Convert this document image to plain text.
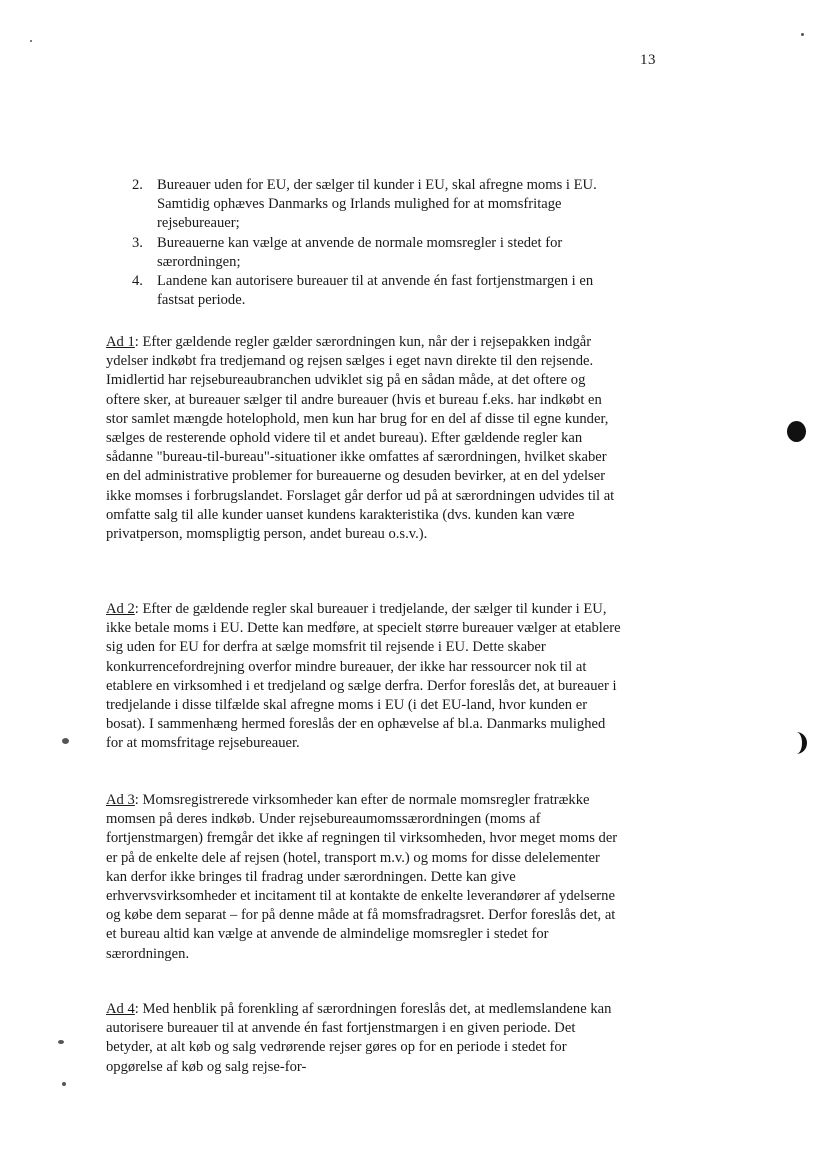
13
2. Bureauer uden for EU, der sælger til kunder i EU, skal afregne moms i EU. Samtidig ophæves Danmarks og Irlands mulighed for at momsfritage rejsebureauer;
3. Bureauerne kan vælge at anvende de normale momsregler i stedet for særordningen;
4. Landene kan autorisere bureauer til at anvende én fast fortjenstmargen i en fastsat periode.

Ad 1: Efter gældende regler gælder særordningen kun, når der i rejsepakken indgår ydelser indkøbt fra tredjemand og rejsen sælges i eget navn direkte til den rejsende. Imidlertid har rejsebureaubranchen udviklet sig på en sådan måde, at det oftere og oftere sker, at bureauer sælger til andre bureauer (hvis et bureau f.eks. har indkøbt en stor samlet mængde hotelophold, men kun har brug for en del af disse til egne kunder, sælges de resterende ophold videre til et andet bureau). Efter gældende regler kan sådanne "bureau-til-bureau"-situationer ikke omfattes af særordningen, hvilket skaber en del administrative problemer for bureauerne og desuden bevirker, at en del ydelser ikke momses i forbrugslandet. Forslaget går derfor ud på at særordningen udvides til at omfatte salg til alle kunder uanset kundens karakteristika (dvs. kunden kan være privatperson, momspligtig person, andet bureau o.s.v.).

Ad 2: Efter de gældende regler skal bureauer i tredjelande, der sælger til kunder i EU, ikke betale moms i EU. Dette kan medføre, at specielt større bureauer vælger at etablere sig uden for EU for derfra at sælge momsfrit til rejsende i EU. Dette skaber konkurrencefordrejning overfor mindre bureauer, der ikke har ressourcer nok til at etablere en virksomhed i et tredjeland og sælge derfra. Derfor foreslås det, at bureauer i tredjelande i disse tilfælde skal afregne moms i EU (i det EU-land, hvor kunden er bosat). I sammenhæng hermed foreslås der en ophævelse af bl.a. Danmarks mulighed for at momsfritage rejsebureauer.

Ad 3: Momsregistrerede virksomheder kan efter de normale momsregler fratrække momsen på deres indkøb. Under rejsebureaumomssærordningen (moms af fortjenstmargen) fremgår det ikke af regningen til virksomheden, hvor meget moms der er på de enkelte dele af rejsen (hotel, transport m.v.) og moms for disse delelementer kan derfor ikke bringes til fradrag under særordningen. Dette kan give erhvervsvirksomheder et incitament til at kontakte de enkelte leverandører af ydelserne og købe dem separat – for på denne måde at få momsfradragsret. Derfor foreslås det, at et bureau altid kan vælge at anvende de almindelige momsregler i stedet for særordningen.

Ad 4: Med henblik på forenkling af særordningen foreslås det, at medlemslandene kan autorisere bureauer til at anvende én fast fortjenstmargen i en given periode. Det betyder, at alt køb og salg vedrørende rejser gøres op for en periode i stedet for opgørelse af køb og salg rejse-for-
